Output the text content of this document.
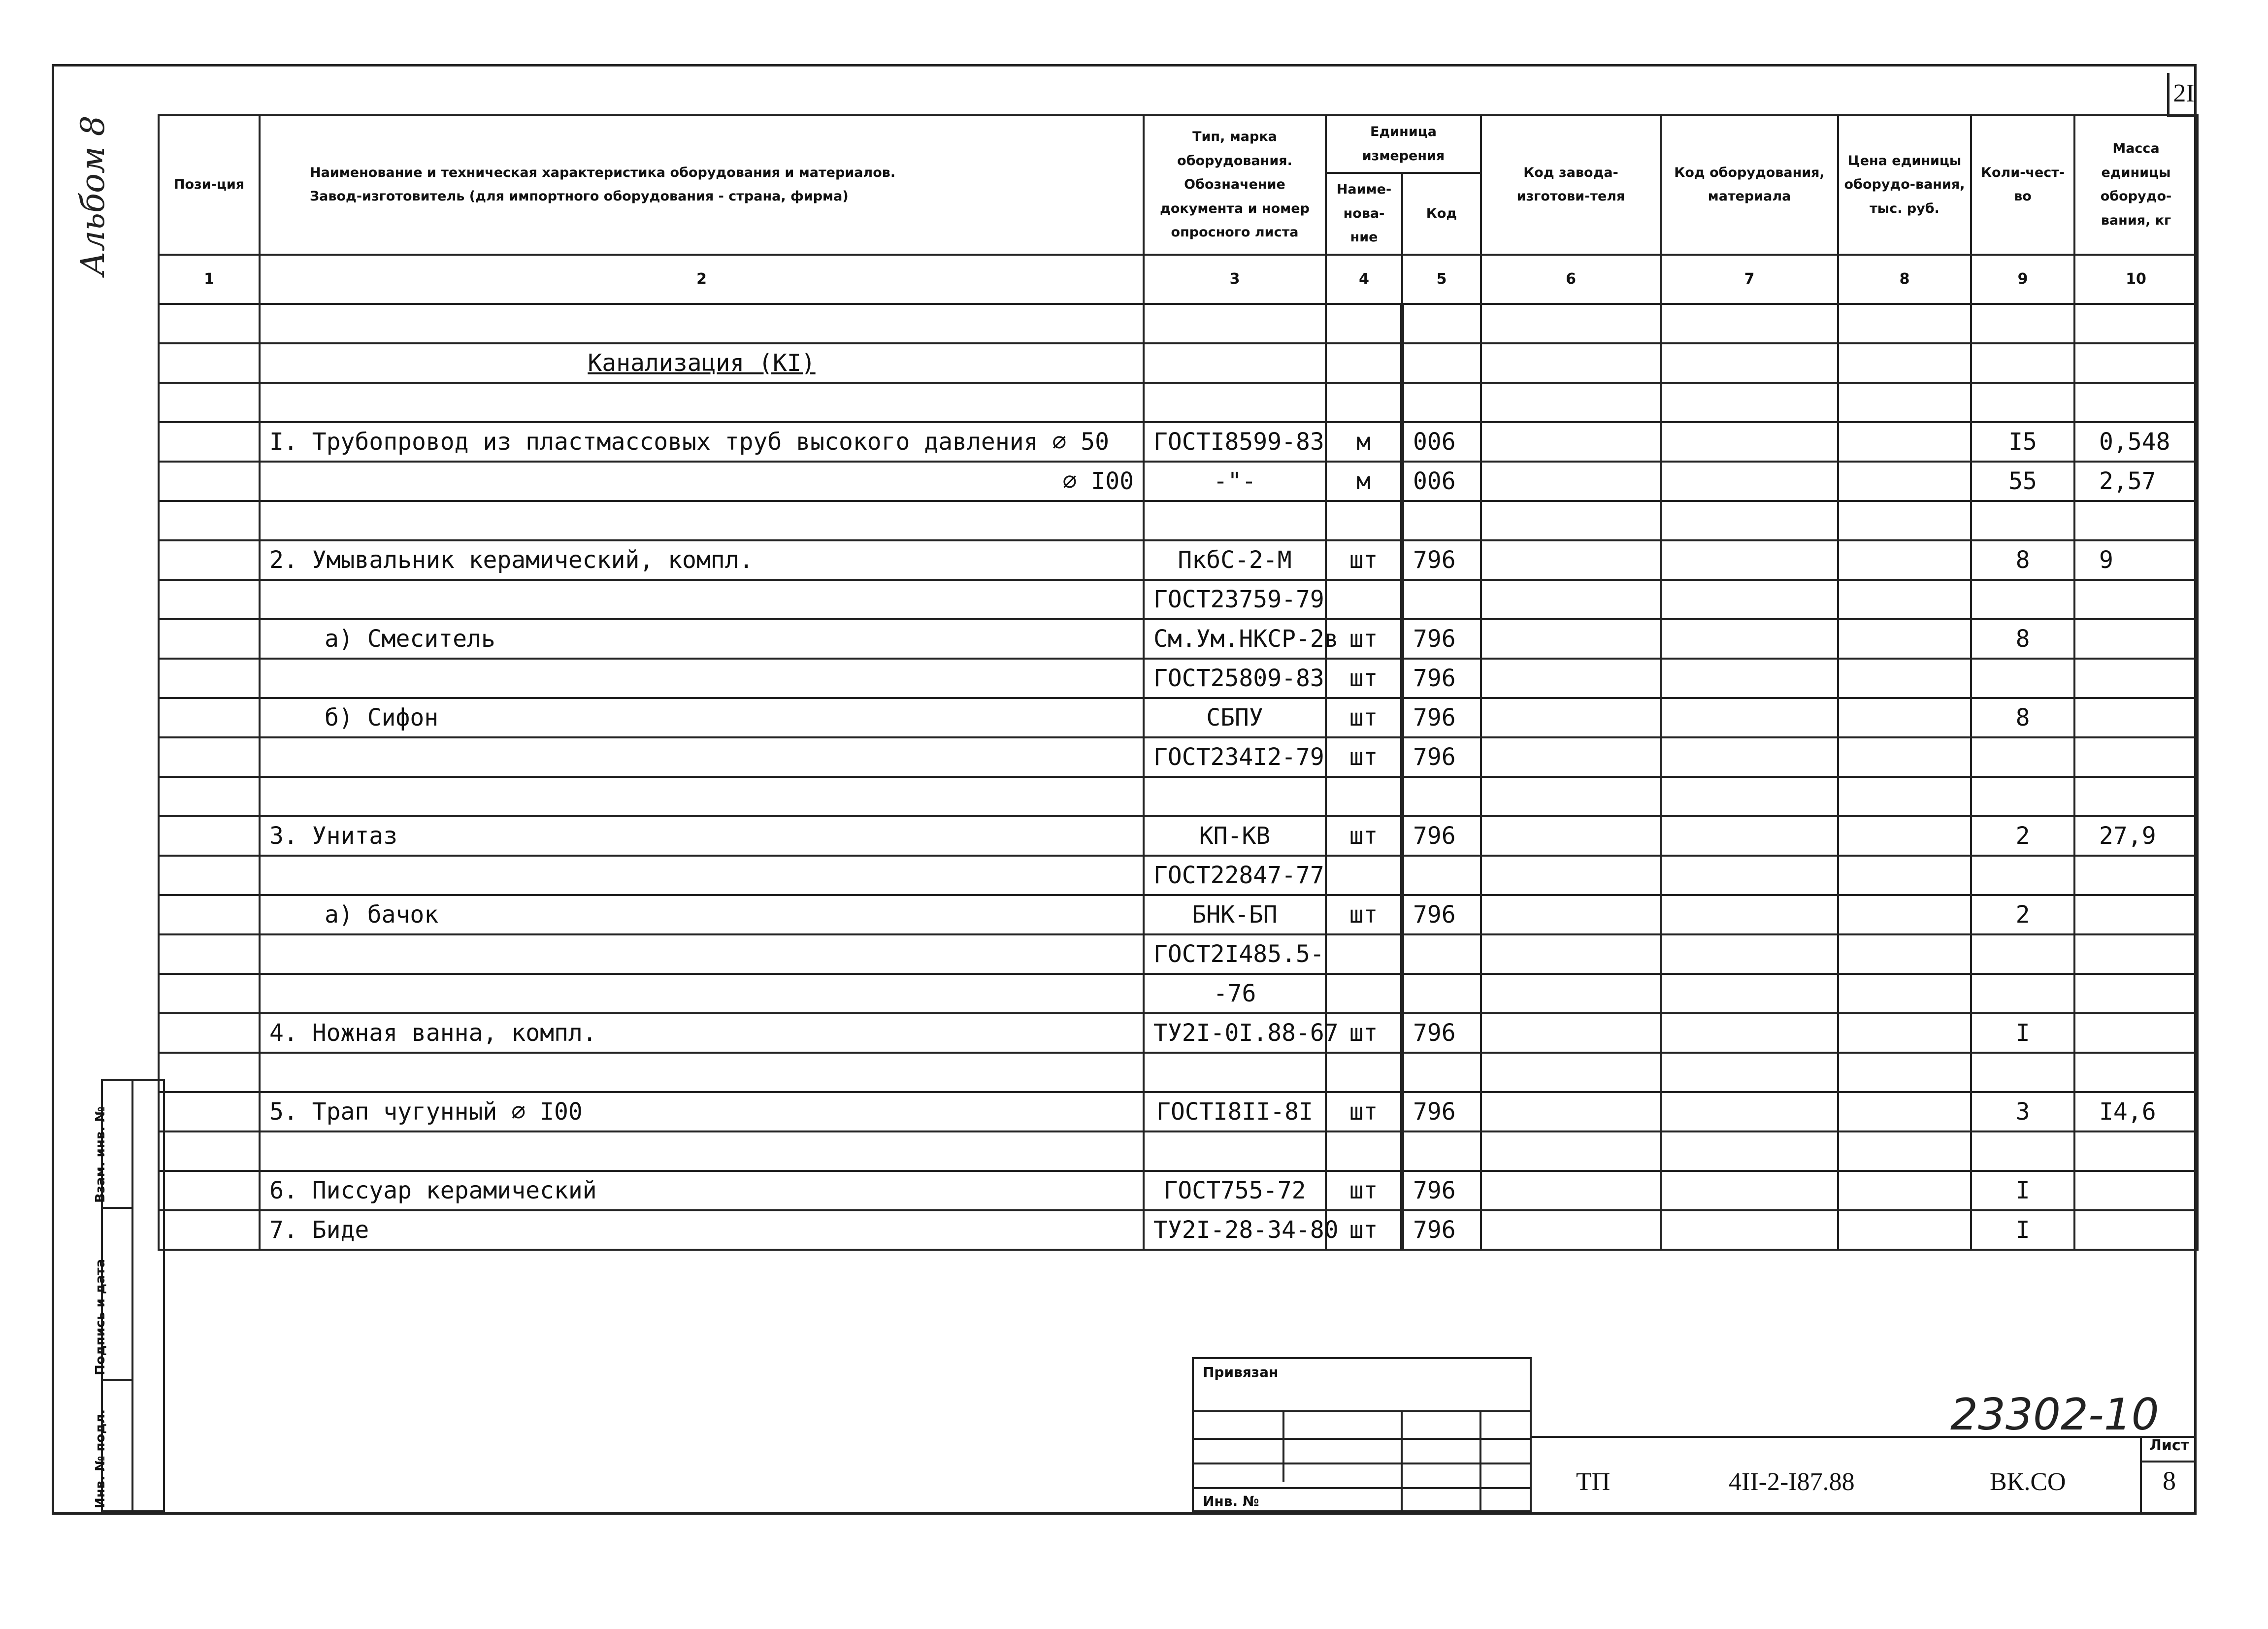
2I
Альбом 8
Взам. инв. №
Подпись и дата
Инв. № подл.
Пози-ция	Наименование и техническая характеристика оборудования и материалов.
Завод-изготовитель (для импортного оборудования - страна, фирма)	Тип, марка оборудования. Обозначение документа и номер опросного листа	Единица измерения		Код завода-изготови-теля	Код оборудования, материала	Цена единицы оборудо-вания, тыс. руб.	Коли-чест-во	Масса единицы оборудо-вания, кг
			Наиме-нова-ние	Код					
1	2	3	4	5	6	7	8	9	10

	Канализация (КI)								

	I. Трубопровод из пластмассовых труб высокого давления ⌀ 50	ГОСТI8599-83	м	006				I5	0,548
	⌀ I00	-"-	м	006				55	2,57

	2. Умывальник керамический, компл.	ПкбС-2-М	шт	796				8	9
		ГОСТ23759-79							
	а) Смеситель	См.Ум.НКСР-2в	шт	796				8	
		ГОСТ25809-83	шт	796					
	б) Сифон	СБПУ	шт	796				8	
		ГОСТ234I2-79	шт	796					

	3. Унитаз	КП-КВ	шт	796				2	27,9
		ГОСТ22847-77							
	а) бачок	БНК-БП	шт	796				2	
		ГОСТ2I485.5-							
		-76							
	4. Ножная ванна, компл.	ТУ2I-0I.88-67	шт	796				I	

	5. Трап чугунный ⌀ I00	ГОСТI8II-8I	шт	796				3	I4,6

	6. Писсуар керамический	ГОСТ755-72	шт	796				I	
	7. Биде	ТУ2I-28-34-80	шт	796				I	
Привязан
Инв. №
23302-10
ТП	4II-2-I87.88	ВК.СО
Лист
8
